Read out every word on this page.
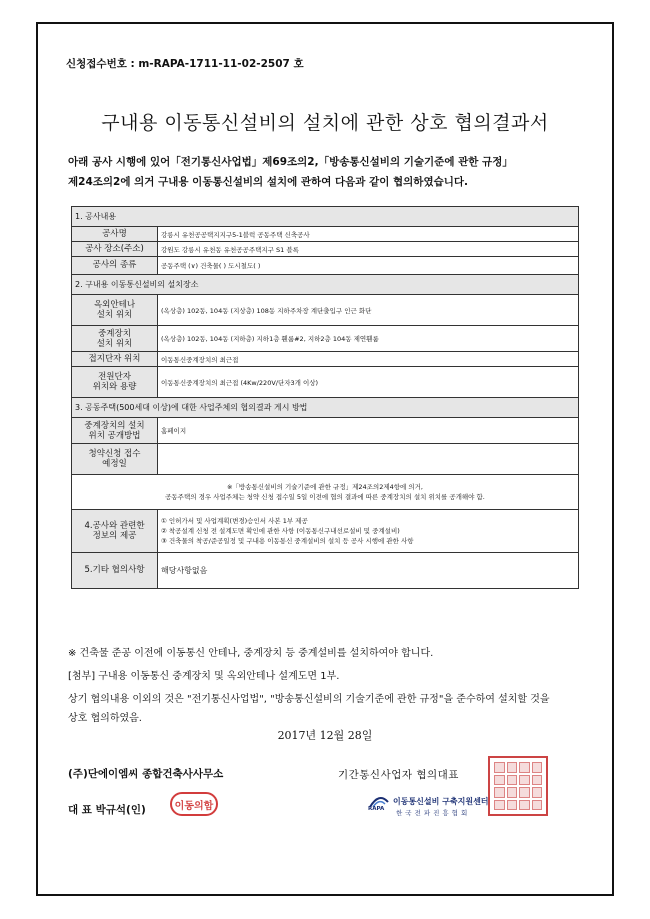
신청접수번호 : m-RAPA-1711-11-02-2507 호
구내용 이동통신설비의 설치에 관한 상호 협의결과서
아래 공사 시행에 있어「전기통신사업법」제69조의2,「방송통신설비의 기술기준에 관한 규정」
제24조의2에 의거 구내용 이동통신설비의 설치에 관하여 다음과 같이 협의하였습니다.
1. 공사내용	
공사명	강릉시 유천공공택지지구5-1블럭 공동주택 신축공사
공사 장소(주소)	강원도 강릉시 유천동 유천공공주택지구 S1 블록
공사의 종류	공동주택 (∨) 건축물( ) 도시철도( )
2. 구내용 이동통신설비의 설치장소	

옥외안테나
설치 위치	(옥상층) 102동, 104동 (지상층) 108동 지하주차장 계단출입구 인근 화단

중계장치
설치 위치	(옥상층) 102동, 104동 (지하층) 지하1층 휀룸#2, 지하2층 104동 제연휀룸
접지단자 위치	이동통신중계장치의 최근접

전원단자
위치와 용량	이동통신중계장치의 최근접 (4Kw/220V/단자3개 이상)
3. 공동주택(500세대 이상)에 대한 사업주체의 협의결과 게시 방법	

중계장치의 설치
위치 공개방법	홈페이지

청약신청 접수
예정일	

※「방송통신설비의 기술기준에 관한 규정」제24조의2제4항에 의거,
공동주택의 경우 사업주체는 청약 신청 접수일 5일 이전에 협의 결과에 따른 중계장치의 설치 위치를 공개해야 함.	

4.공사와 관련한
정보의 제공	① 인허가서 및 사업계획(변경)승인서 사본 1부 제공
② 착공설계 신청 전 설계도면 확인에 관한 사항 (이동통신구내선로설비 및 중계설비)
③ 건축물의 착공/준공일정 및 구내용 이동통신 중계설비의 설치 등 공사 시행에 관한 사항

5.기타 협의사항	해당사항없음
※ 건축물 준공 이전에 이동통신 안테나, 중계장치 등 중계설비를 설치하여야 합니다.
[첨부] 구내용 이동통신 중계장치 및 옥외안테나 설계도면 1부.
상기 협의내용 이외의 것은 "전기통신사업법", "방송통신설비의 기술기준에 관한 규정"을 준수하여 설치할 것을
상호 협의하였음.
2017년 12월 28일
(주)단에이엠씨 종합건축사사무소
대 표 박규석(인)	이동의함
기간통신사업자 협의대표
RAPA
이동통신설비 구축지원센터
한국전파진흥협회
